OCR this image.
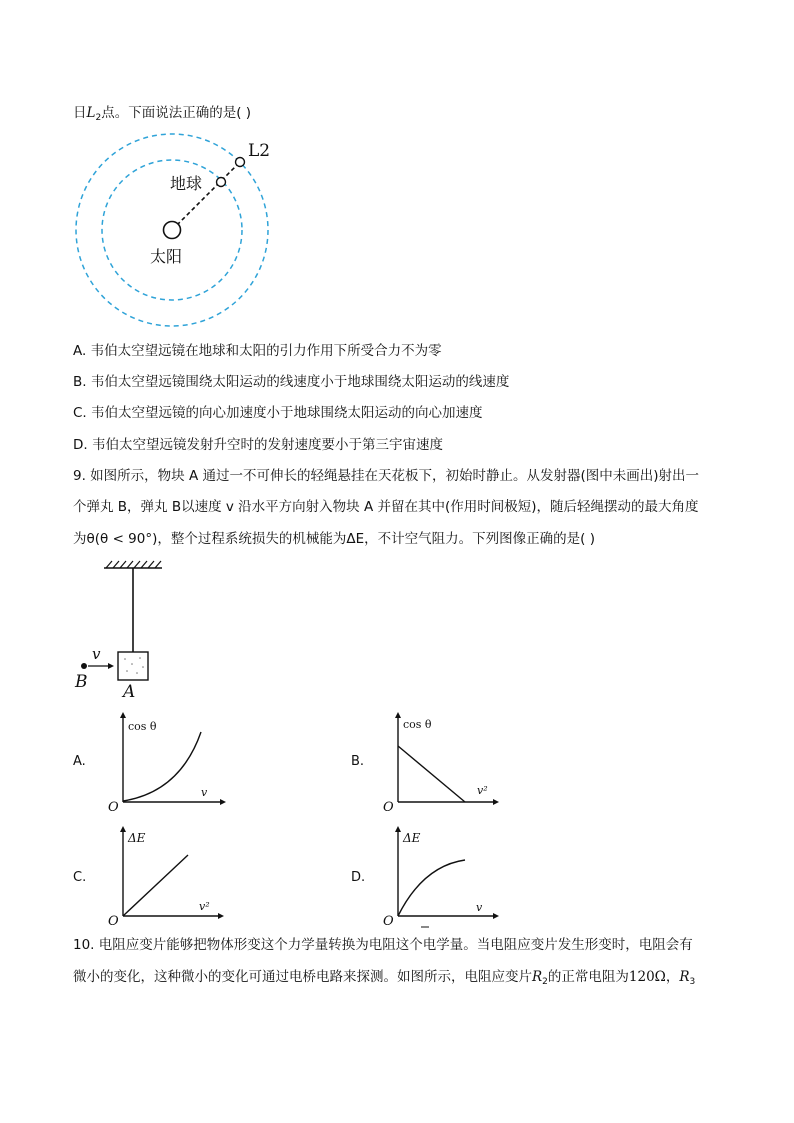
日$L_2$点。下面说法正确的是( )
L2
地球
太阳
A. 韦伯太空望远镜在地球和太阳的引力作用下所受合力不为零
B. 韦伯太空望远镜围绕太阳运动的线速度小于地球围绕太阳运动的线速度
C. 韦伯太空望远镜的向心加速度小于地球围绕太阳运动的向心加速度
D. 韦伯太空望远镜发射升空时的发射速度要小于第三宇宙速度
9. 如图所示，物块 A 通过一不可伸长的轻绳悬挂在天花板下，初始时静止。从发射器(图中未画出)射出一
个弹丸 B，弹丸 B以速度 v 沿水平方向射入物块 A 并留在其中(作用时间极短)，随后轻绳摆动的最大角度
为θ(θ < 90°)，整个过程系统损失的机械能为ΔE，不计空气阻力。下列图像正确的是( )
v
B A
A.
cos θ
v
O
B.
cos θ
v²
O
C.
ΔE
v²
O
D.
ΔE
v
O
10. 电阻应变片能够把物体形变这个力学量转换为电阻这个电学量。当电阻应变片发生形变时，电阻会有
微小的变化，这种微小的变化可通过电桥电路来探测。如图所示，电阻应变片$R_2$的正常电阻为120Ω，$R_3$
